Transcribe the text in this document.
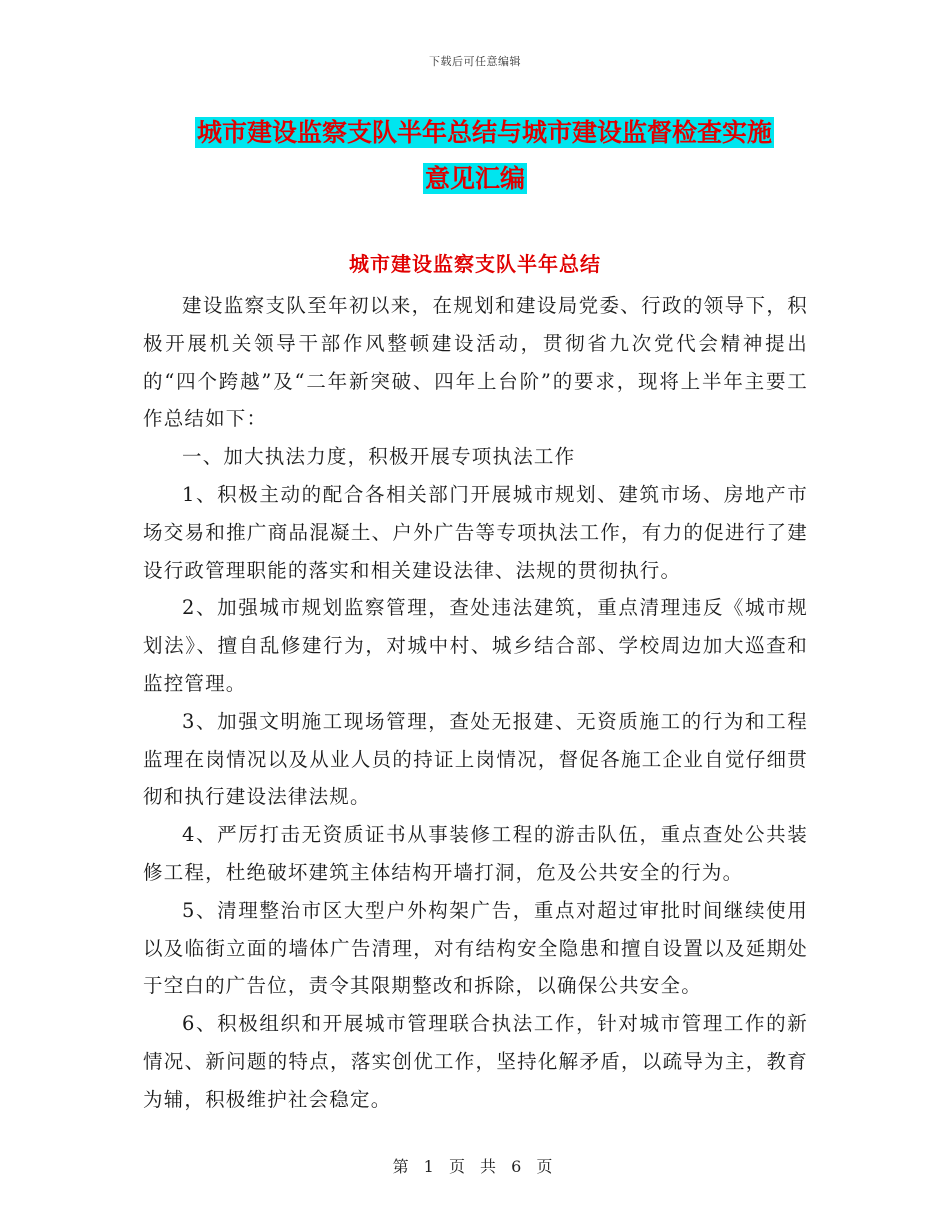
下载后可任意编辑
城市建设监察支队半年总结与城市建设监督检查实施
意见汇编
城市建设监察支队半年总结

建设监察支队至年初以来，在规划和建设局党委、行政的领导下，积极开展机关领导干部作风整顿建设活动，贯彻省九次党代会精神提出的“四个跨越”及“二年新突破、四年上台阶”的要求，现将上半年主要工作总结如下：

一、加大执法力度，积极开展专项执法工作

1、积极主动的配合各相关部门开展城市规划、建筑市场、房地产市场交易和推广商品混凝土、户外广告等专项执法工作，有力的促进行了建设行政管理职能的落实和相关建设法律、法规的贯彻执行。

2、加强城市规划监察管理，查处违法建筑，重点清理违反《城市规划法》、擅自乱修建行为，对城中村、城乡结合部、学校周边加大巡查和监控管理。

3、加强文明施工现场管理，查处无报建、无资质施工的行为和工程监理在岗情况以及从业人员的持证上岗情况，督促各施工企业自觉仔细贯彻和执行建设法律法规。

4、严厉打击无资质证书从事装修工程的游击队伍，重点查处公共装修工程，杜绝破坏建筑主体结构开墙打洞，危及公共安全的行为。

5、清理整治市区大型户外构架广告，重点对超过审批时间继续使用以及临街立面的墙体广告清理，对有结构安全隐患和擅自设置以及延期处于空白的广告位，责令其限期整改和拆除，以确保公共安全。

6、积极组织和开展城市管理联合执法工作，针对城市管理工作的新情况、新问题的特点，落实创优工作，坚持化解矛盾，以疏导为主，教育为辅，积极维护社会稳定。

第 1 页 共 6 页
